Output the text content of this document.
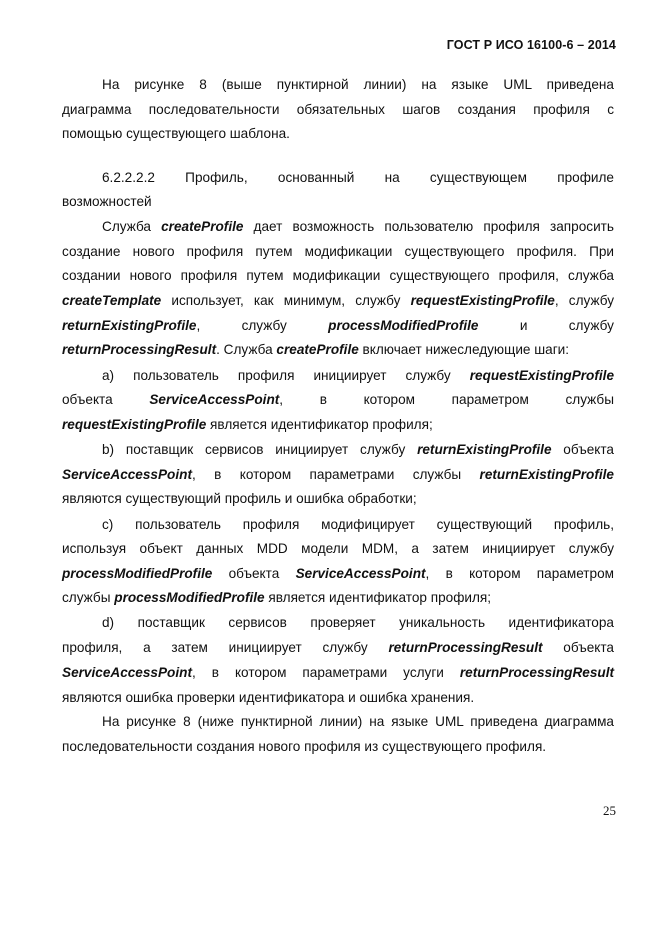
ГОСТ Р ИСО 16100-6 – 2014

На рисунке 8 (выше пунктирной линии) на языке UML приведена

диаграмма последовательности обязательных шагов создания профиля с

помощью существующего шаблона.

6.2.2.2.2 Профиль, основанный на существующем профиле

возможностей

Служба createProfile дает возможность пользователю профиля запросить

создание нового профиля путем модификации существующего профиля. При

создании нового профиля путем модификации существующего профиля, служба

createTemplate использует, как минимум, службу requestExistingProfile, службу

returnExistingProfile,	службу	processModifiedProfile	и	службу

returnProcessingResult. Служба createProfile включает нижеследующие шаги:

а) пользователь профиля инициирует службу requestExistingProfile

объекта	ServiceAccessPoint,	в	котором	параметром	службы

requestExistingProfile является идентификатор профиля;

b) поставщик сервисов инициирует службу returnExistingProfile объекта

ServiceAccessPoint, в котором параметрами службы returnExistingProfile

являются существующий профиль и ошибка обработки;

с) пользователь профиля модифицирует существующий профиль,

используя объект данных MDD модели MDM, а затем инициирует службу

processModifiedProfile объекта ServiceAccessPoint, в котором параметром

службы processModifiedProfile является идентификатор профиля;

d) поставщик сервисов проверяет уникальность идентификатора

профиля, а затем инициирует службу returnProcessingResult объекта

ServiceAccessPoint, в котором параметрами услуги returnProcessingResult

являются ошибка проверки идентификатора и ошибка хранения.

На рисунке 8 (ниже пунктирной линии) на языке UML приведена диаграмма

последовательности создания нового профиля из существующего профиля.

25
